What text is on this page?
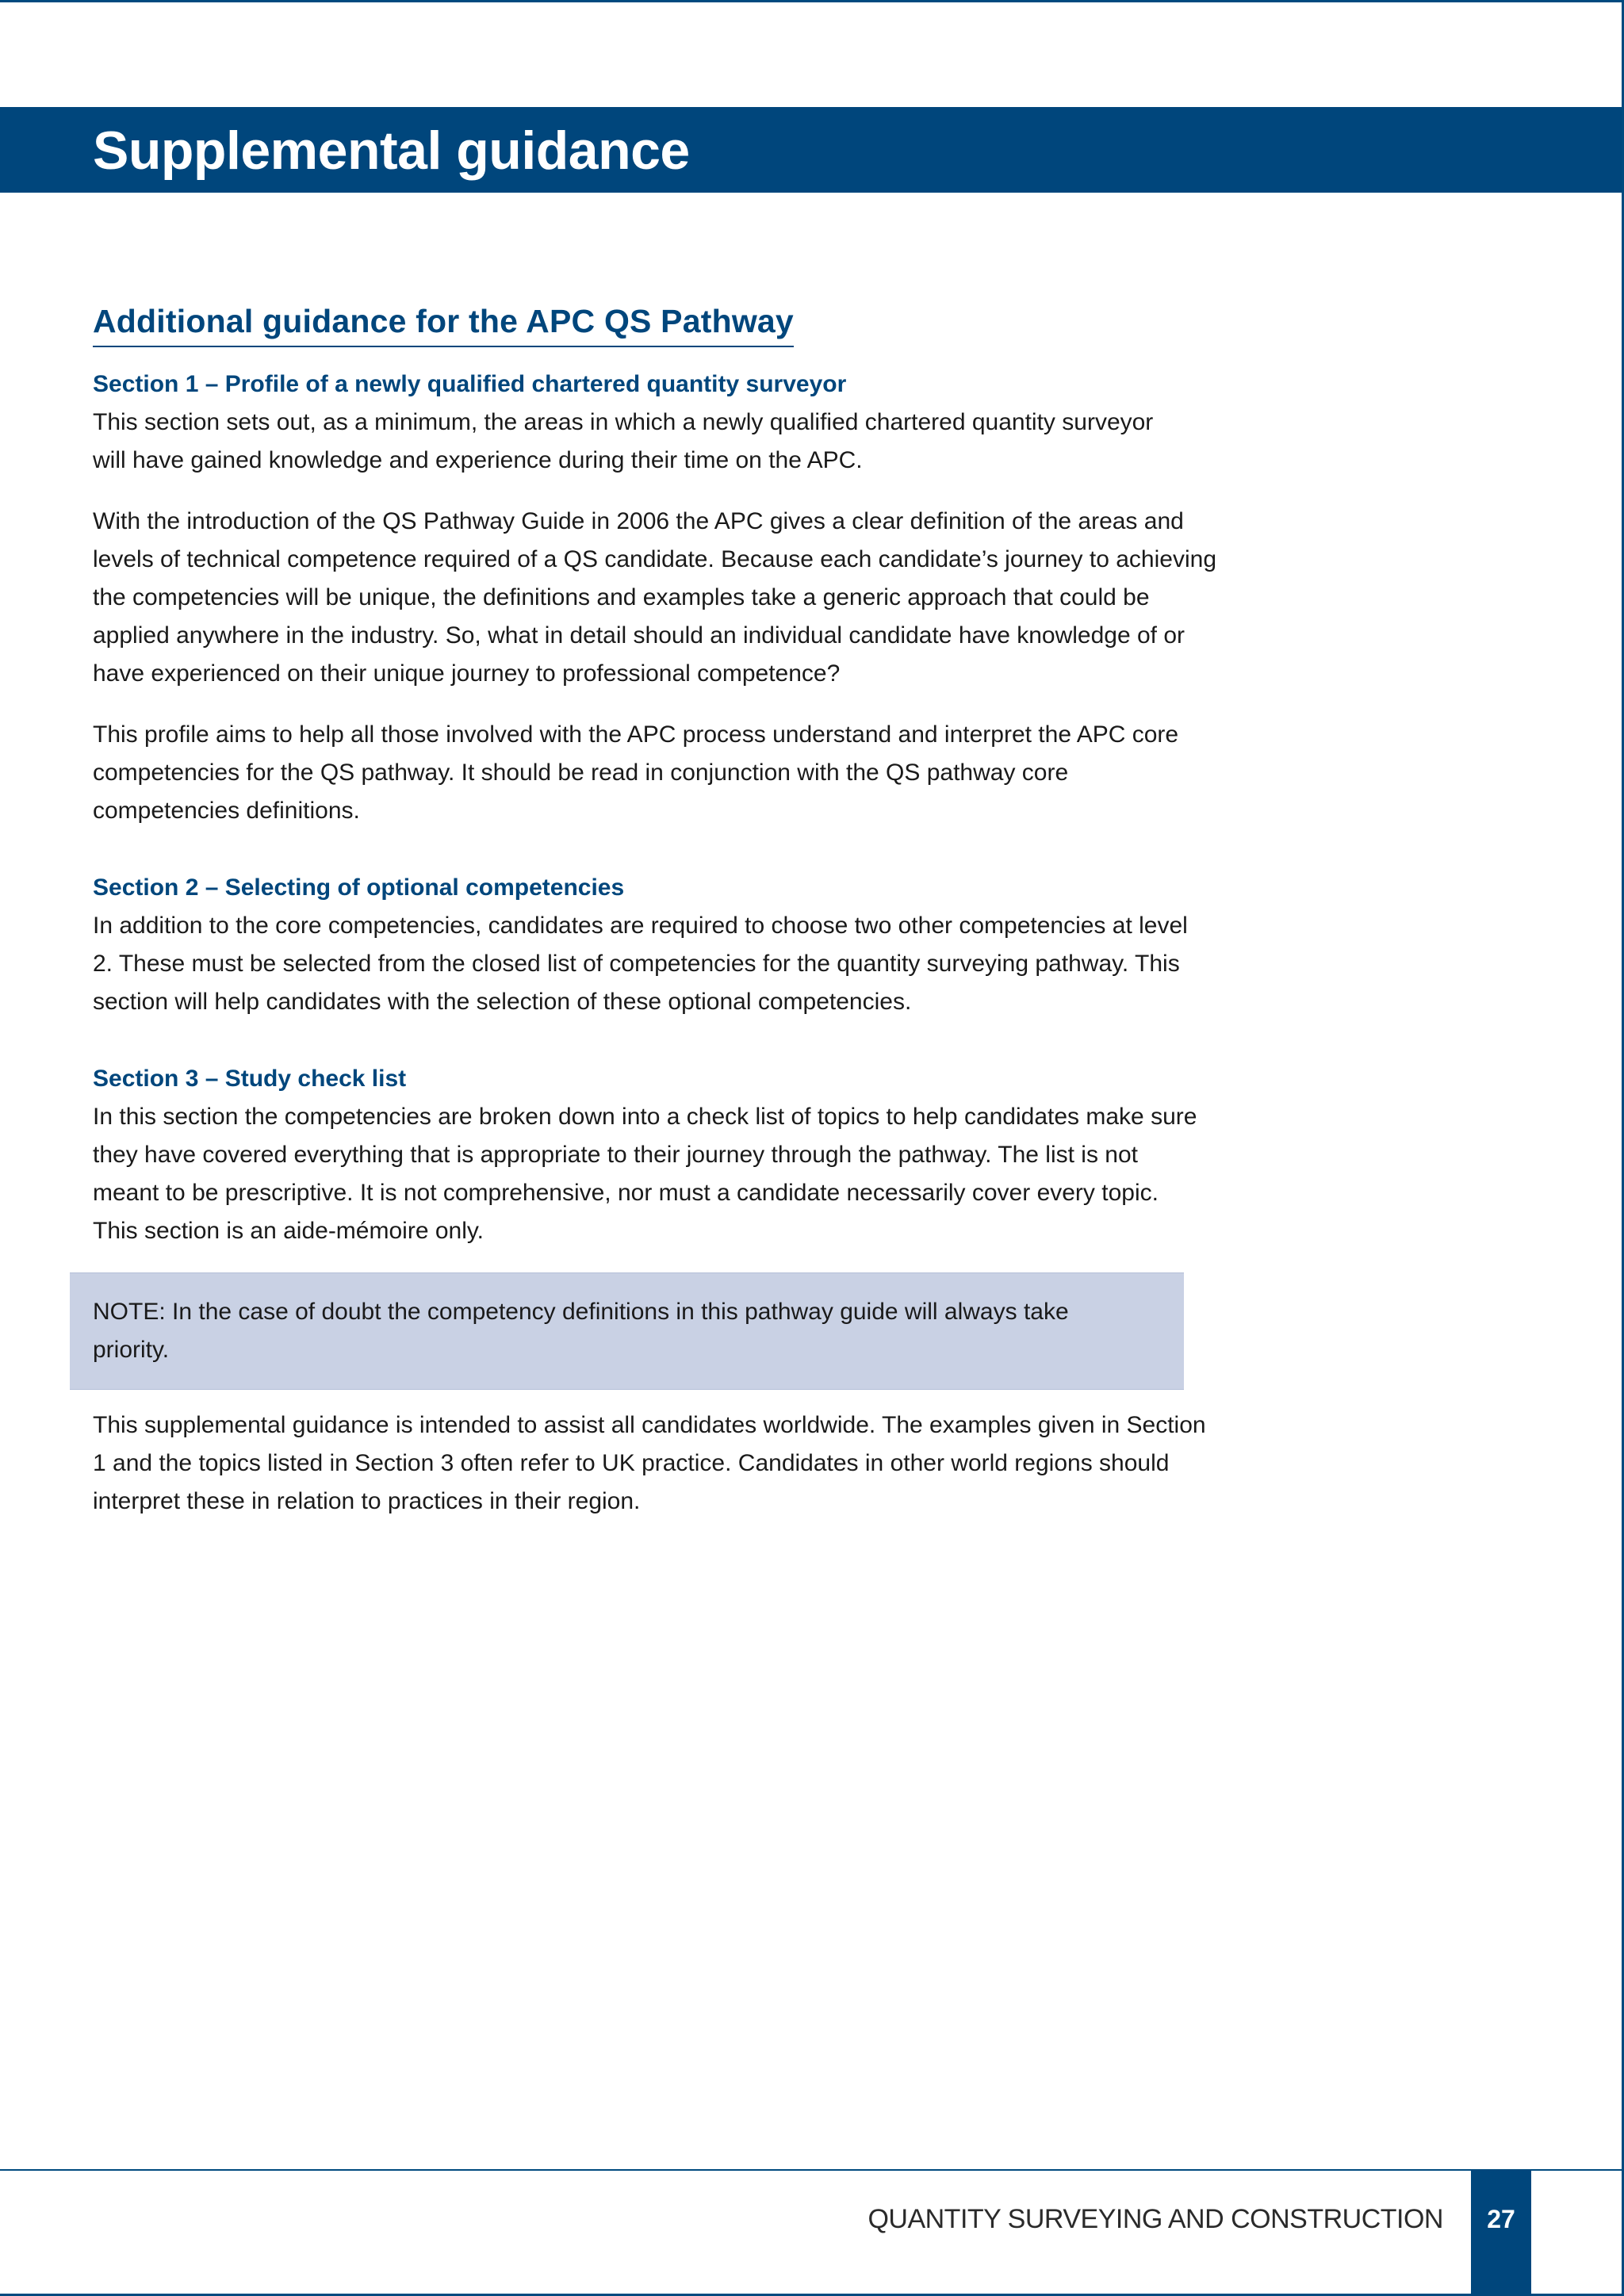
Supplemental guidance
Additional guidance for the APC QS Pathway
Section 1 – Profile of a newly qualified chartered quantity surveyor

This section sets out, as a minimum, the areas in which a newly qualified chartered quantity surveyor will have gained knowledge and experience during their time on the APC.

With the introduction of the QS Pathway Guide in 2006 the APC gives a clear definition of the areas and levels of technical competence required of a QS candidate. Because each candidate’s journey to achieving the competencies will be unique, the definitions and examples take a generic approach that could be applied anywhere in the industry. So, what in detail should an individual candidate have knowledge of or have experienced on their unique journey to professional competence?

This profile aims to help all those involved with the APC process understand and interpret the APC core competencies for the QS pathway. It should be read in conjunction with the QS pathway core competencies definitions.

Section 2 – Selecting of optional competencies

In addition to the core competencies, candidates are required to choose two other competencies at level 2. These must be selected from the closed list of competencies for the quantity surveying pathway. This section will help candidates with the selection of these optional competencies.

Section 3 – Study check list

In this section the competencies are broken down into a check list of topics to help candidates make sure they have covered everything that is appropriate to their journey through the pathway. The list is not meant to be prescriptive. It is not comprehensive, nor must a candidate necessarily cover every topic. This section is an aide-mémoire only.

NOTE: In the case of doubt the competency definitions in this pathway guide will always take priority.

This supplemental guidance is intended to assist all candidates worldwide. The examples given in Section 1 and the topics listed in Section 3 often refer to UK practice. Candidates in other world regions should interpret these in relation to practices in their region.

QUANTITY SURVEYING AND CONSTRUCTION	27
